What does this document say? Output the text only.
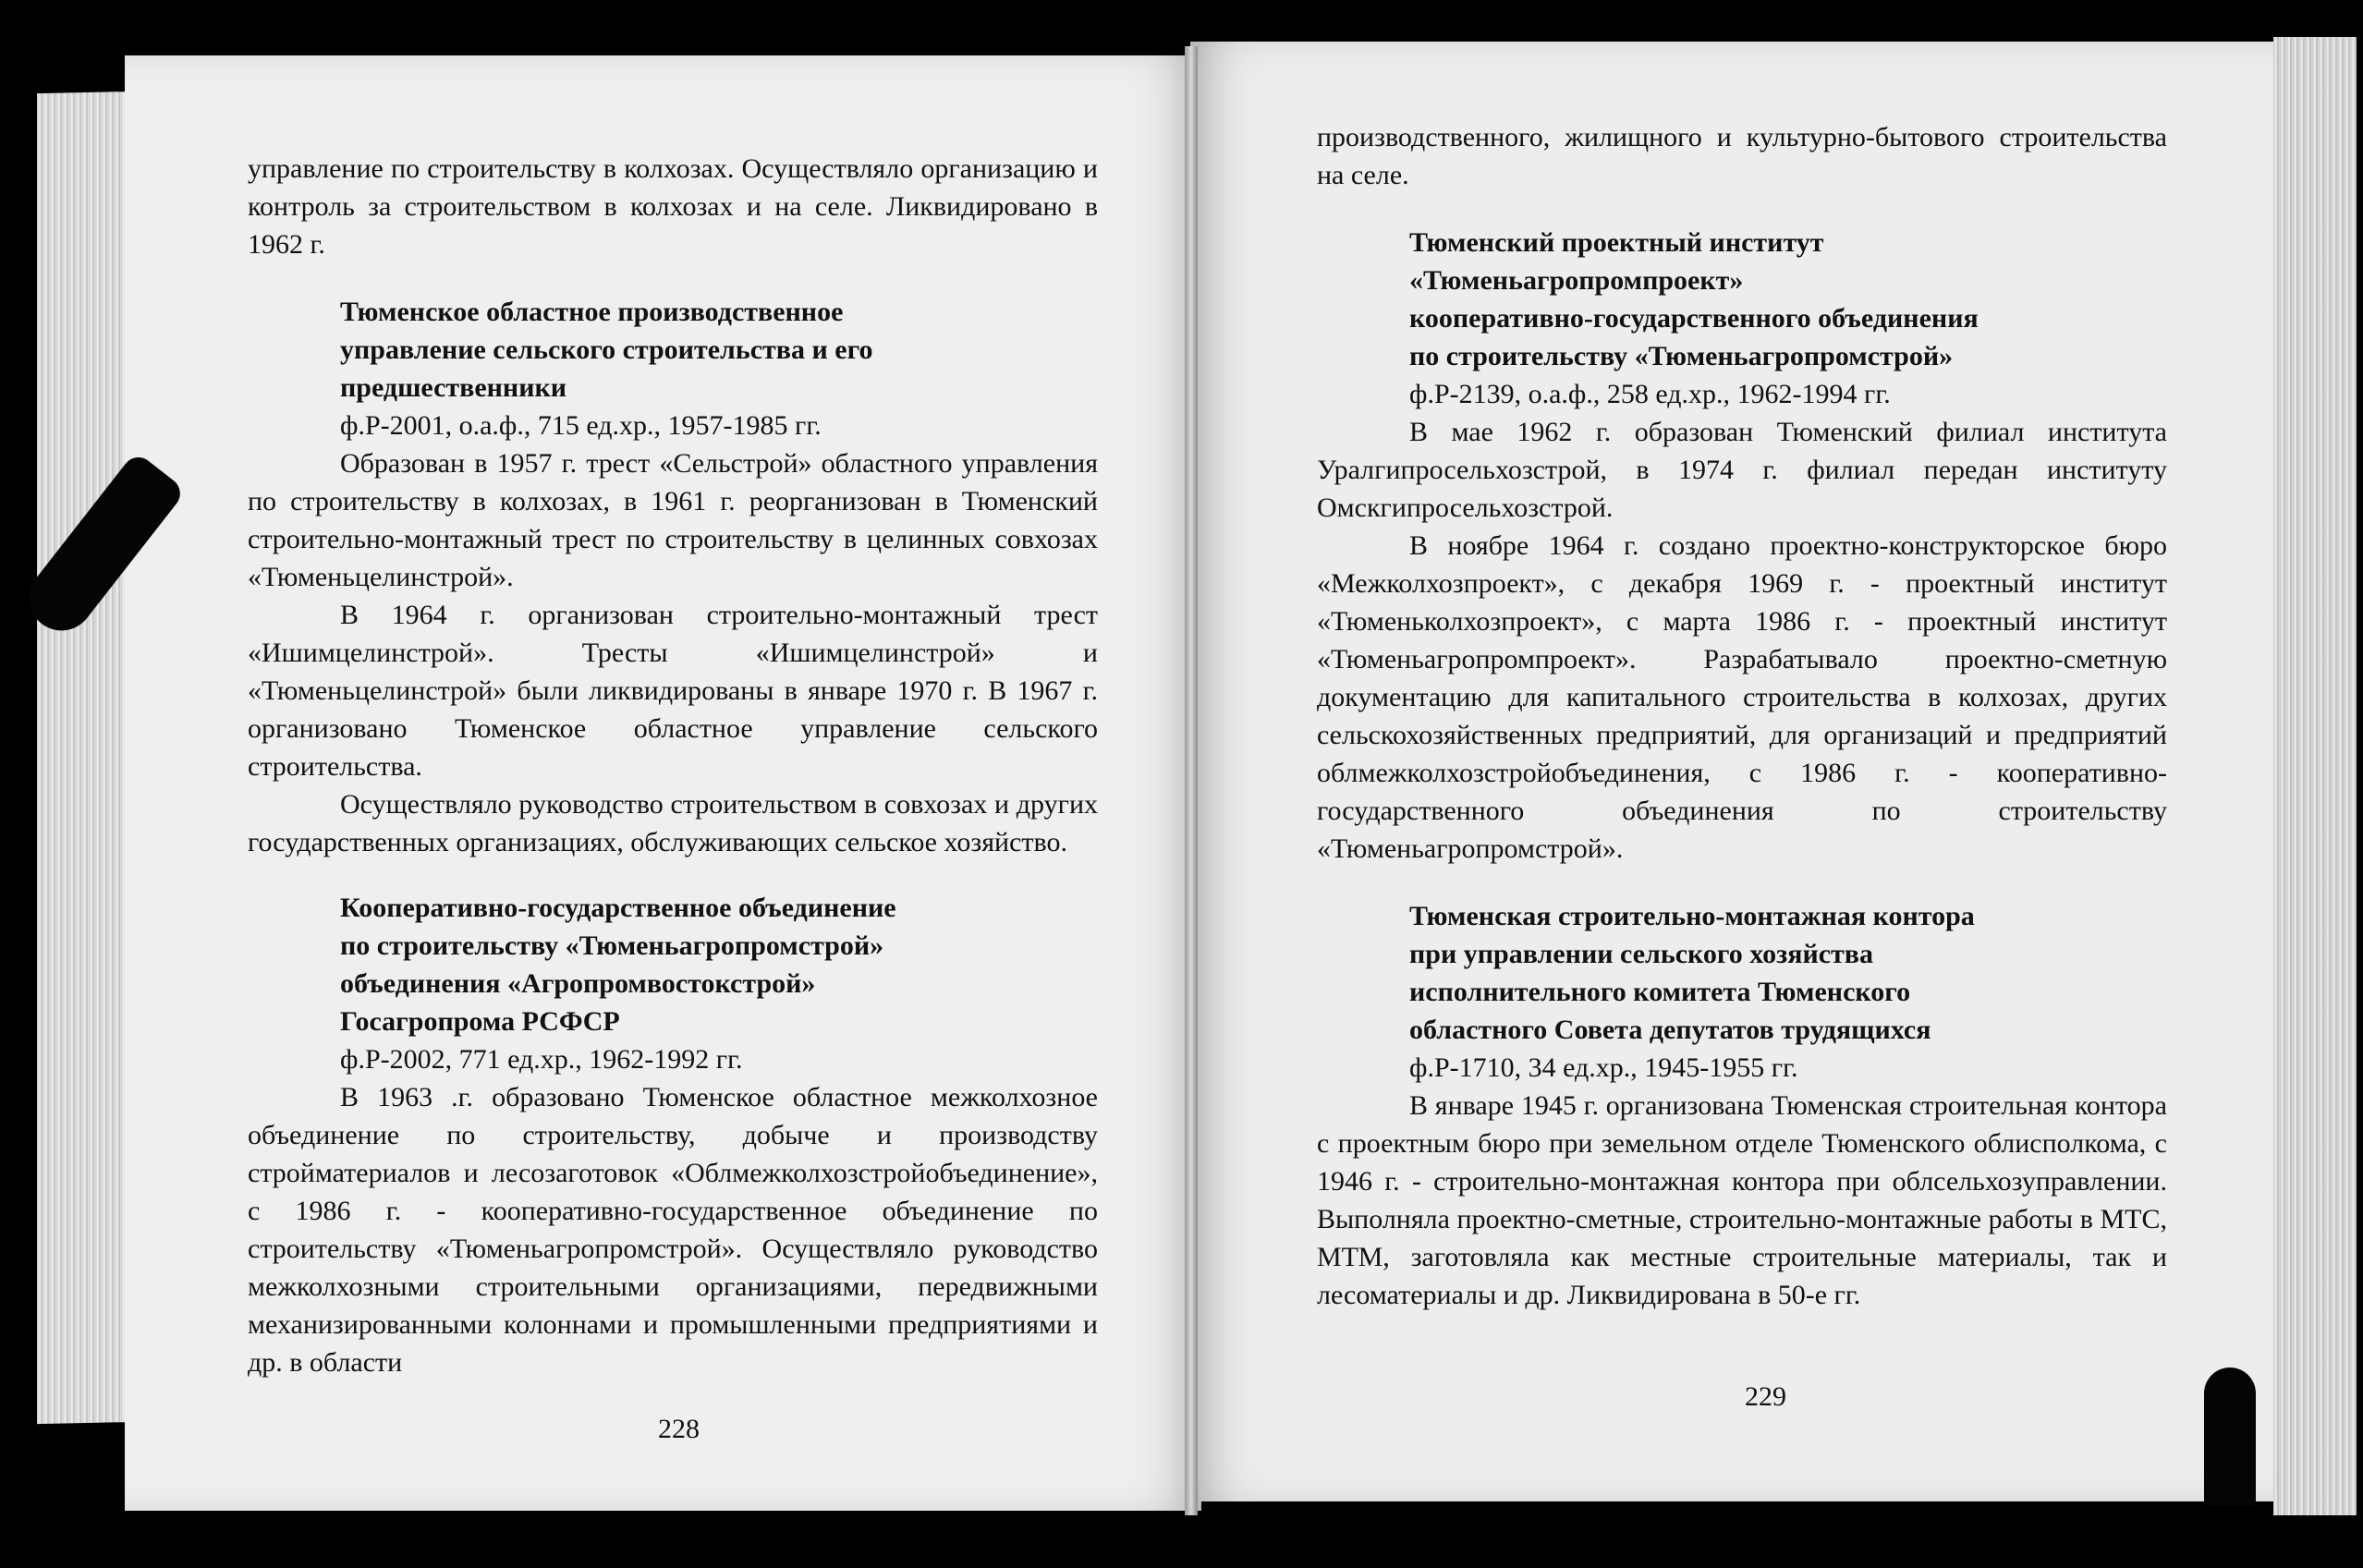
управление по строительству в колхозах. Осуществляло организацию и контроль за строительством в колхозах и на селе. Ликвидировано в 1962 г.

Тюменское областное производственное

управление сельского строительства и его

предшественники

ф.Р-2001, о.а.ф., 715 ед.хр., 1957-1985 гг.

Образован в 1957 г. трест «Сельстрой» областного управления по строительству в колхозах, в 1961 г. реорганизован в Тюменский строительно-монтажный трест по строительству в целинных совхозах «Тюменьцелинстрой».

В 1964 г. организован строительно-монтажный трест «Ишимцелинстрой». Тресты «Ишимцелинстрой» и «Тюменьцелинстрой» были ликвидированы в январе 1970 г. В 1967 г. организовано Тюменское областное управление сельского строительства.

Осуществляло руководство строительством в совхозах и других государственных организациях, обслуживающих сельское хозяйство.

Кооперативно-государственное объединение

по строительству «Тюменьагропромстрой»

объединения «Агропромвостокстрой»

Госагропрома РСФСР

ф.Р-2002, 771 ед.хр., 1962-1992 гг.

В 1963 .г. образовано Тюменское областное межколхозное объединение по строительству, добыче и производству стройматериалов и лесозаготовок «Облмежколхозстройобъединение», с 1986 г. - кооперативно-государственное объединение по строительству «Тюменьагропромстрой». Осуществляло руководство межколхозными строительными организациями, передвижными механизированными колоннами и промышленными предприятиями и др. в области

228

производственного, жилищного и культурно-бытового строительства на селе.

Тюменский проектный институт

«Тюменьагропромпроект»

кооперативно-государственного объединения

по строительству «Тюменьагропромстрой»

ф.Р-2139, о.а.ф., 258 ед.хр., 1962-1994 гг.

В мае 1962 г. образован Тюменский филиал института Уралгипросельхозстрой, в 1974 г. филиал передан институту Омскгипросельхозстрой.

В ноябре 1964 г. создано проектно-конструкторское бюро «Межколхозпроект», с декабря 1969 г. - проектный институт «Тюменьколхозпроект», с марта 1986 г. - проектный институт «Тюменьагропромпроект». Разрабатывало проектно-сметную документацию для капитального строительства в колхозах, других сельскохозяйственных предприятий, для организаций и предприятий облмежколхозстройобъединения, с 1986 г. - кооперативно-государственного объединения по строительству «Тюменьагропромстрой».

Тюменская строительно-монтажная контора

при управлении сельского хозяйства

исполнительного комитета Тюменского

областного Совета депутатов трудящихся

ф.Р-1710, 34 ед.хр., 1945-1955 гг.

В январе 1945 г. организована Тюменская строительная контора с проектным бюро при земельном отделе Тюменского облисполкома, с 1946 г. - строительно-монтажная контора при облсельхозуправлении. Выполняла проектно-сметные, строительно-монтажные работы в МТС, МТМ, заготовляла как местные строительные материалы, так и лесоматериалы и др. Ликвидирована в 50-е гг.

229
